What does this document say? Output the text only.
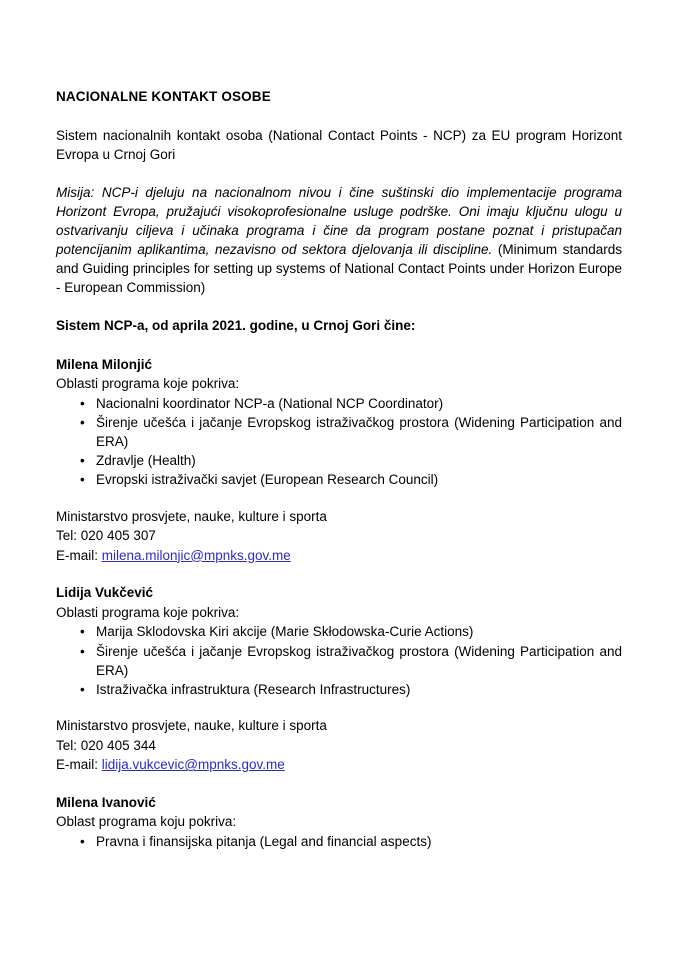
NACIONALNE KONTAKT OSOBE

Sistem nacionalnih kontakt osoba (National Contact Points - NCP) za EU program Horizont Evropa u Crnoj Gori

Misija: NCP-i djeluju na nacionalnom nivou i čine suštinski dio implementacije programa Horizont Evropa, pružajući visokoprofesionalne usluge podrške. Oni imaju ključnu ulogu u ostvarivanju ciljeva i učinaka programa i čine da program postane poznat i pristupačan potencijanim aplikantima, nezavisno od sektora djelovanja ili discipline. (Minimum standards and Guiding principles for setting up systems of National Contact Points under Horizon Europe - European Commission)

Sistem NCP-a, od aprila 2021. godine, u Crnoj Gori čine:

Milena Milonjić

Oblasti programa koje pokriva:

• Nacionalni koordinator NCP-a (National NCP Coordinator)
• Širenje učešća i jačanje Evropskog istraživačkog prostora (Widening Participation and ERA)
• Zdravlje (Health)
• Evropski istraživački savjet (European Research Council)

Ministarstvo prosvjete, nauke, kulture i sporta

Tel: 020 405 307

E-mail: milena.milonjic@mpnks.gov.me

Lidija Vukčević

Oblasti programa koje pokriva:

• Marija Sklodovska Kiri akcije (Marie Skłodowska-Curie Actions)
• Širenje učešća i jačanje Evropskog istraživačkog prostora (Widening Participation and ERA)
• Istraživačka infrastruktura (Research Infrastructures)

Ministarstvo prosvjete, nauke, kulture i sporta

Tel: 020 405 344

E-mail: lidija.vukcevic@mpnks.gov.me

Milena Ivanović

Oblast programa koju pokriva:

• Pravna i finansijska pitanja (Legal and financial aspects)
